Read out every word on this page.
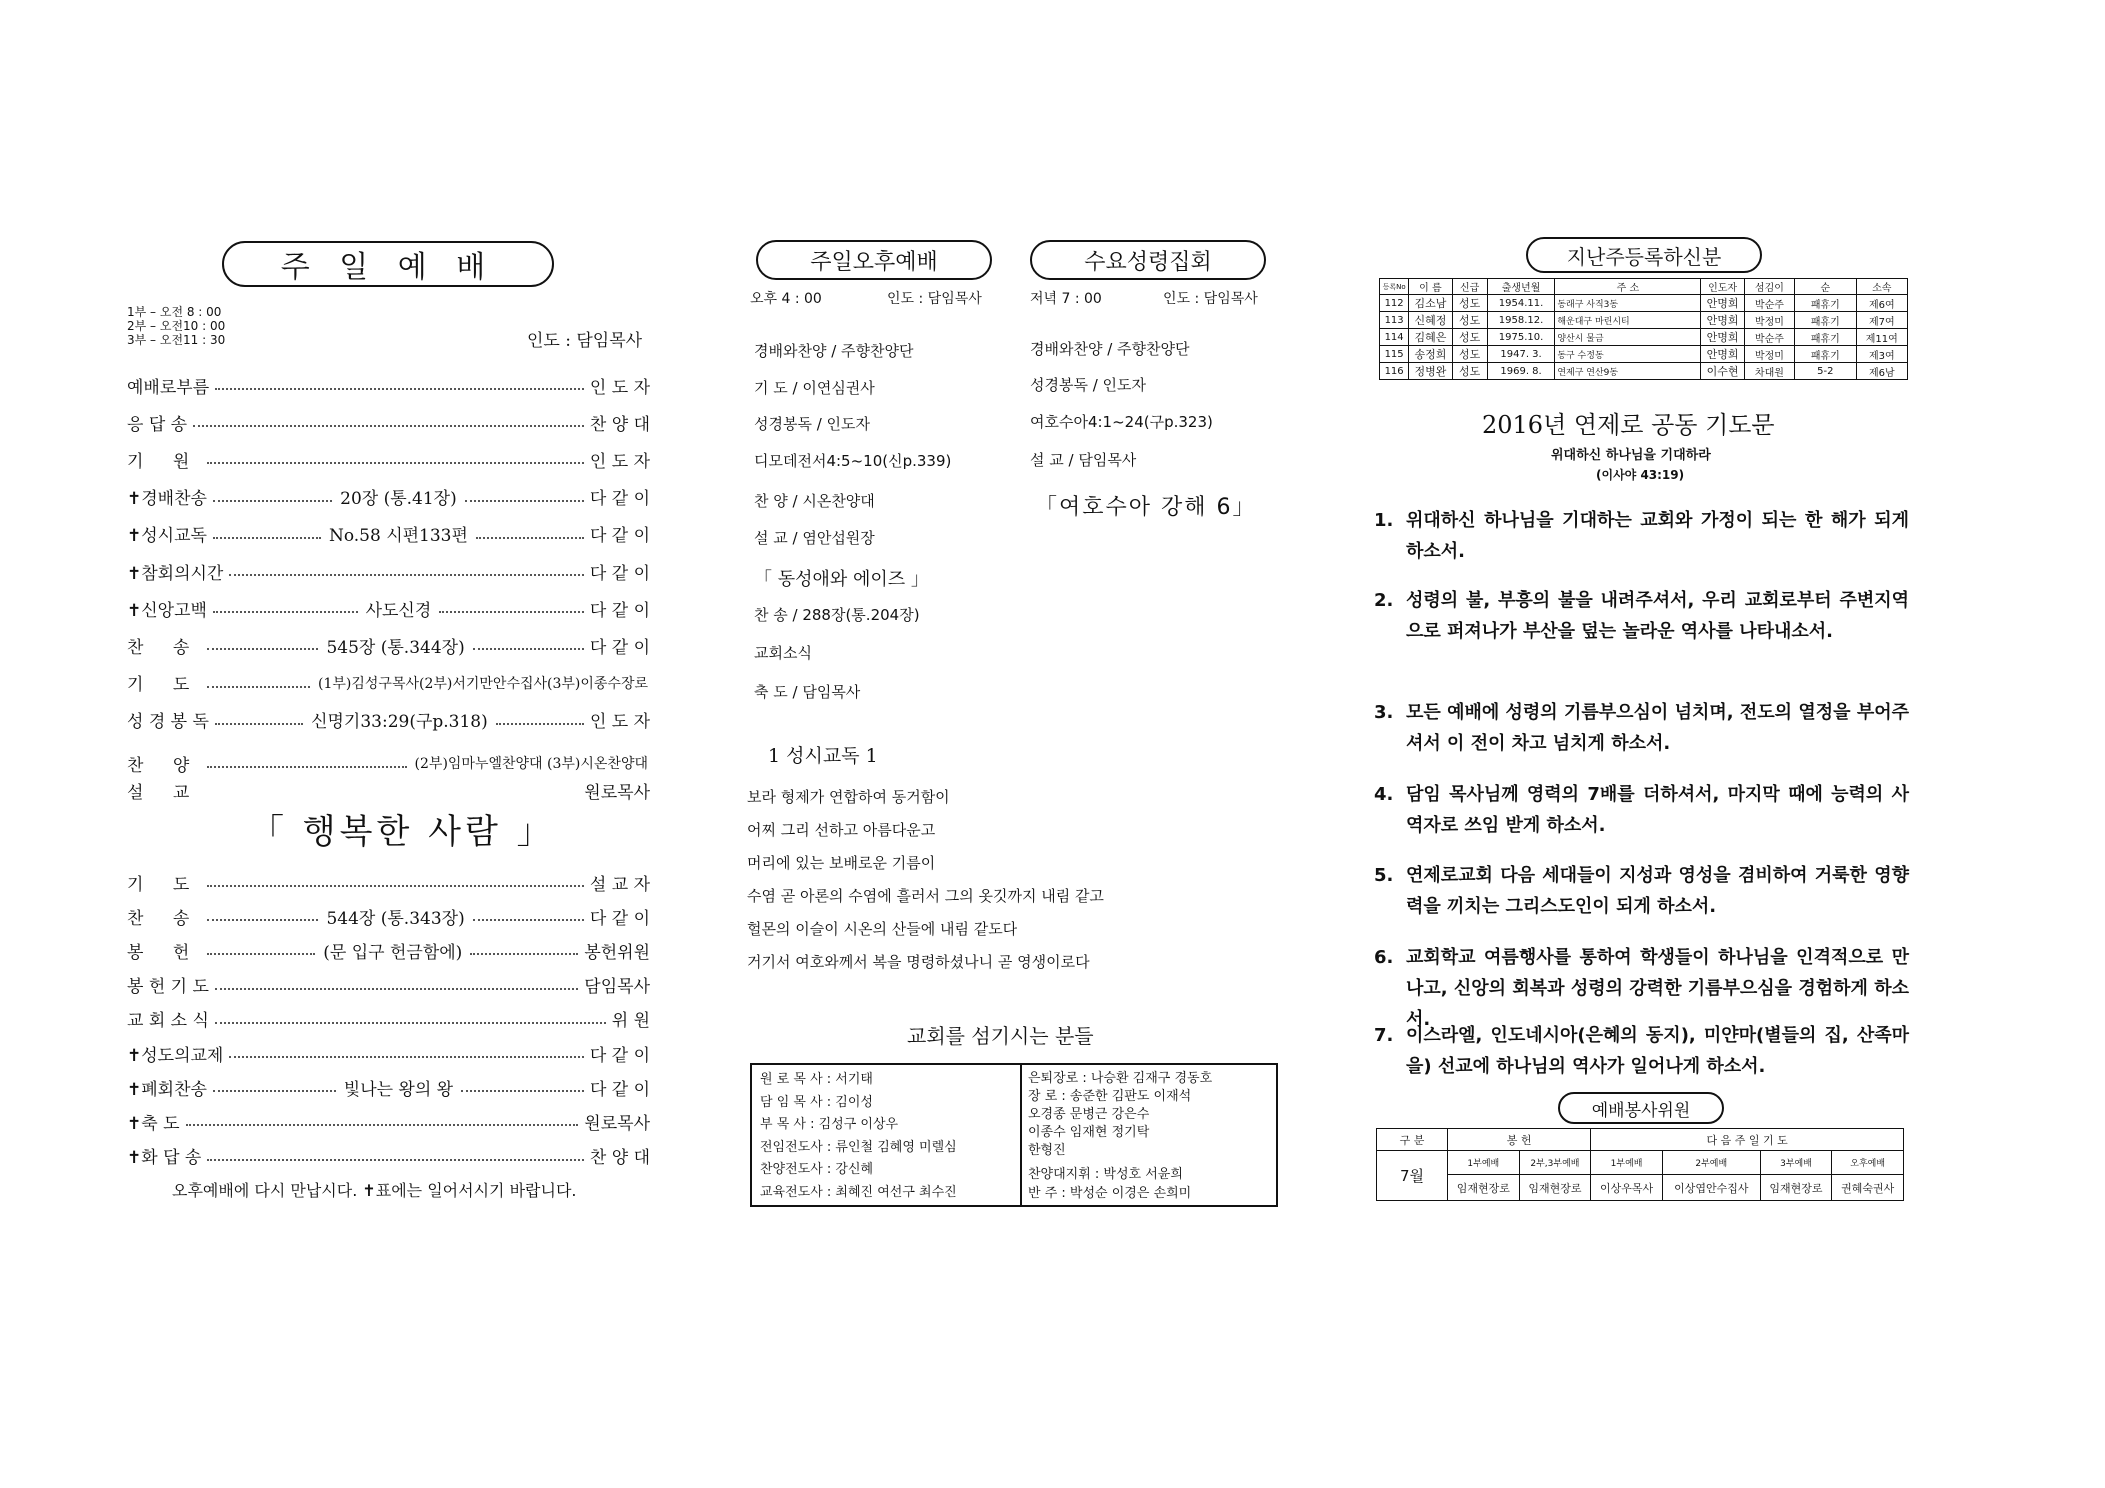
주 일 예 배
1부 – 오전 8 : 00
2부 – 오전10 : 00
3부 – 오전11 : 30	인도 : 담임목사
예배로부름	인 도 자
응 답 송	찬 양 대
기 원	인 도 자
✝경배찬송	20장 (통.41장)	다 같 이
✝성시교독	No.58 시편133편	다 같 이
✝참회의시간	다 같 이
✝신앙고백	사도신경	다 같 이
찬 송	545장 (통.344장)	다 같 이
기 도	(1부)김성구목사(2부)서기만안수집사(3부)이종수장로
성 경 봉 독	신명기33:29(구p.318)	인 도 자
찬 양	(2부)임마누엘찬양대 (3부)시온찬양대
설 교	원로목사
「 행복한 사람 」
기 도	설 교 자
찬 송	544장 (통.343장)	다 같 이
봉 헌	(문 입구 헌금함에)	봉헌위원
봉 헌 기 도	담임목사
교 회 소 식	위 원
✝성도의교제	다 같 이
✝폐회찬송	빛나는 왕의 왕	다 같 이
✝축 도	원로목사
✝화 답 송	찬 양 대
오후예배에 다시 만납시다. ✝표에는 일어서시기 바랍니다.
주일오후예배	수요성령집회
오후 4 : 00	인도 : 담임목사	저녁 7 : 00	인도 : 담임목사
경배와찬양 / 주향찬양단
기 도 / 이연심권사
성경봉독 / 인도자
디모데전서4:5~10(신p.339)
찬 양 / 시온찬양대
설 교 / 염안섭원장
「 동성애와 에이즈 」
찬 송 / 288장(통.204장)
교회소식
축 도 / 담임목사
경배와찬양 / 주향찬양단
성경봉독 / 인도자
여호수아4:1~24(구p.323)
설 교 / 담임목사
「여호수아 강해 6」
1 성시교독 1
보라 형제가 연합하여 동거함이
어찌 그리 선하고 아름다운고
머리에 있는 보배로운 기름이
수염 곧 아론의 수염에 흘러서 그의 옷깃까지 내림 같고
헐몬의 이슬이 시온의 산들에 내림 같도다
거기서 여호와께서 복을 명령하셨나니 곧 영생이로다
교회를 섬기시는 분들
원 로 목 사 : 서기태
담 임 목 사 : 김이성
부 목 사 : 김성구 이상우
전임전도사 : 류인철 김혜영 미렐심
찬양전도사 : 강신혜
교육전도사 : 최혜진 여선구 최수진
은퇴장로 : 나승환 김재구 경동호
장 로 : 송준한 김판도 이재석
오경종 문병근 강은수
이종수 임재현 정기탁
한형진
찬양대지휘 : 박성호 서윤희
반 주 : 박성순 이경은 손희미
지난주등록하신분
등록No	이 름	신급	출생년월	주 소	인도자	섬김이	순	소속
112	김소남	성도	1954.11.	동래구 사직3동	안명희	박순주	패휴기	제6여
113	신혜정	성도	1958.12.	해운대구 마린시티	안명희	박정미	패휴기	제7여
114	김혜은	성도	1975.10.	양산시 물금	안명희	박순주	패휴기	제11여
115	송정희	성도	1947. 3.	동구 수정동	안명희	박정미	패휴기	제3여
116	정병완	성도	1969. 8.	연제구 연산9동	이수현	차대원	5-2	제6남
2016년 연제로 공동 기도문
위대하신 하나님을 기대하라
(이사야 43:19)
1. 위대하신 하나님을 기대하는 교회와 가정이 되는 한 해가 되게 하소서.
2. 성령의 불, 부흥의 불을 내려주셔서, 우리 교회로부터 주변지역으로 퍼져나가 부산을 덮는 놀라운 역사를 나타내소서.
3. 모든 예배에 성령의 기름부으심이 넘치며, 전도의 열정을 부어주셔서 이 전이 차고 넘치게 하소서.
4. 담임 목사님께 영력의 7배를 더하셔서, 마지막 때에 능력의 사역자로 쓰임 받게 하소서.
5. 연제로교회 다음 세대들이 지성과 영성을 겸비하여 거룩한 영향력을 끼치는 그리스도인이 되게 하소서.
6. 교회학교 여름행사를 통하여 학생들이 하나님을 인격적으로 만나고, 신앙의 회복과 성령의 강력한 기름부으심을 경험하게 하소서.
7. 이스라엘, 인도네시아(은혜의 동지), 미얀마(별들의 집, 산족마을) 선교에 하나님의 역사가 일어나게 하소서.
예배봉사위원
구 분	봉 헌		다 음 주 일 기 도			
7월	1부예배	2부,3부예배	1부예배	2부예배	3부예배	오후예배
	임재현장로	임재현장로	이상우목사	이상엽안수집사	임재현장로	권혜숙권사
